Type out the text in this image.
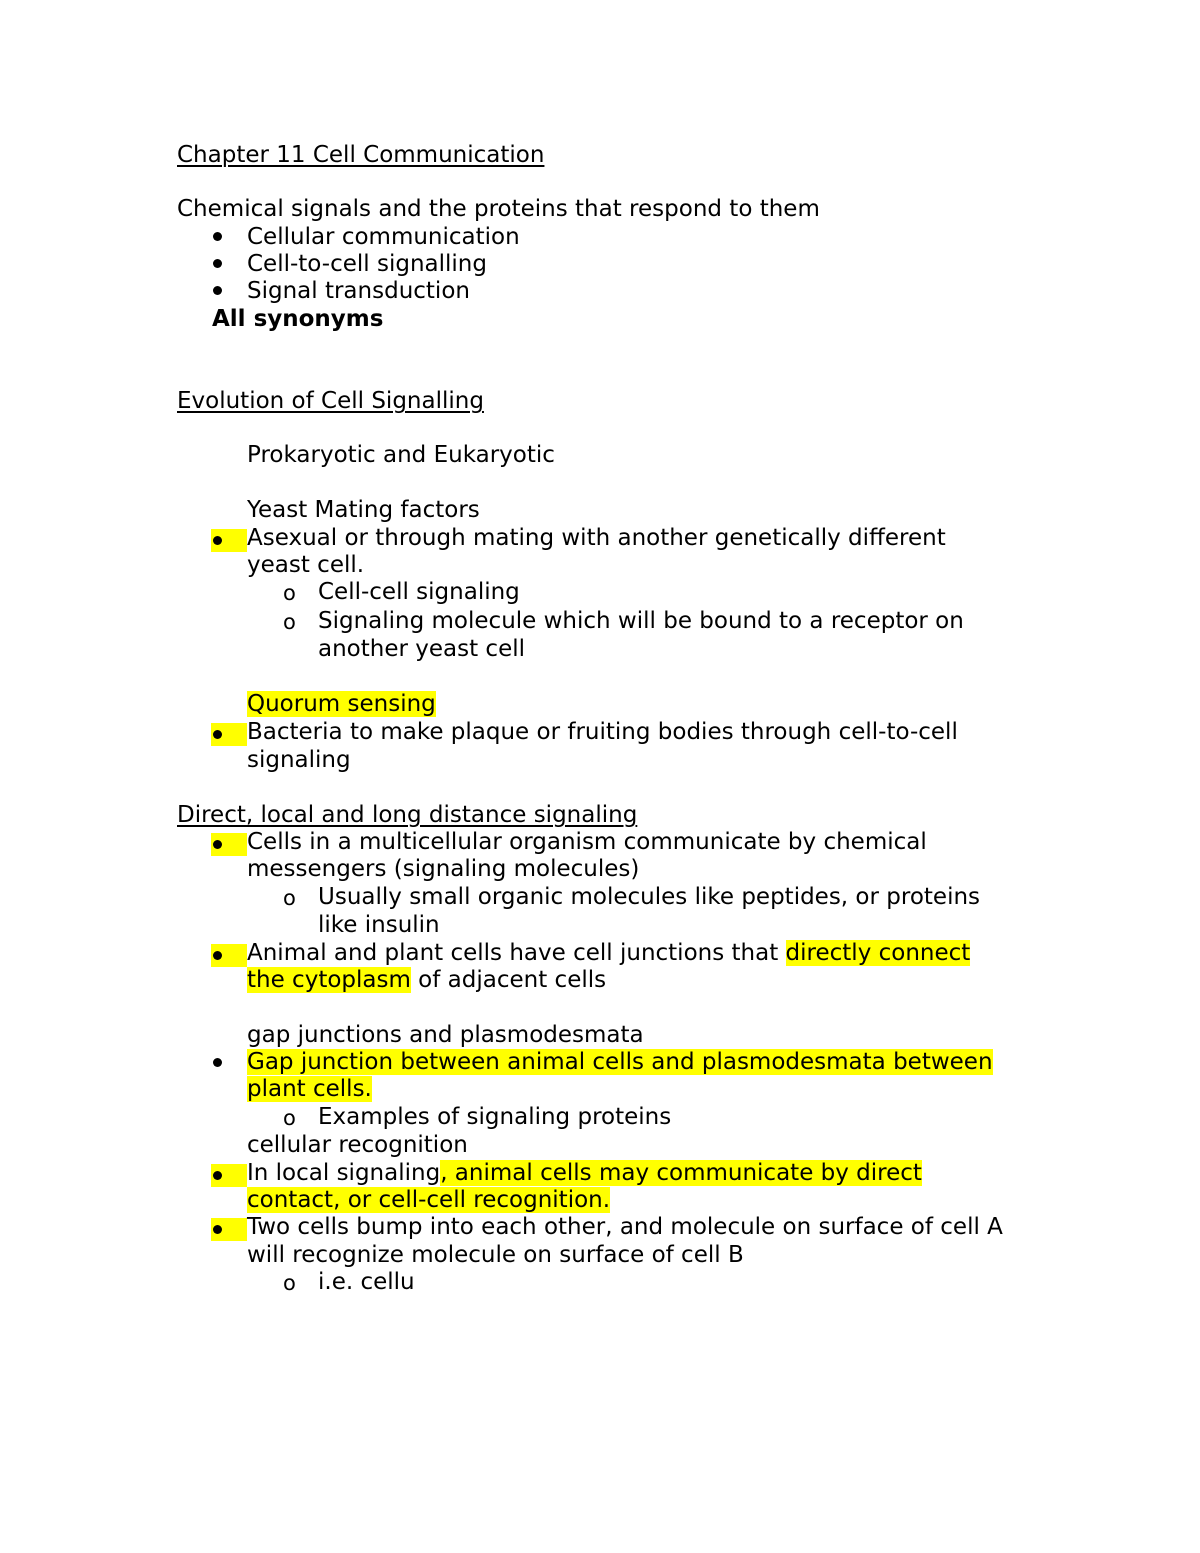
Chapter 11 Cell Communication
Chemical signals and the proteins that respond to them
Cellular communication
Cell-to-cell signalling
Signal transduction
All synonyms
Evolution of Cell Signalling
Prokaryotic and Eukaryotic
Yeast Mating factors
Asexual or through mating with another genetically different
yeast cell.
o Cell-cell signaling
o Signaling molecule which will be bound to a receptor on
another yeast cell
Quorum sensing
Bacteria to make plaque or fruiting bodies through cell-to-cell
signaling
Direct, local and long distance signaling
Cells in a multicellular organism communicate by chemical
messengers (signaling molecules)
o Usually small organic molecules like peptides, or proteins
like insulin
Animal and plant cells have cell junctions that directly connect
the cytoplasm of adjacent cells
gap junctions and plasmodesmata
Gap junction between animal cells and plasmodesmata between
plant cells.
o Examples of signaling proteins
cellular recognition
In local signaling, animal cells may communicate by direct
contact, or cell-cell recognition.
Two cells bump into each other, and molecule on surface of cell A
will recognize molecule on surface of cell B
o i.e. cellu
